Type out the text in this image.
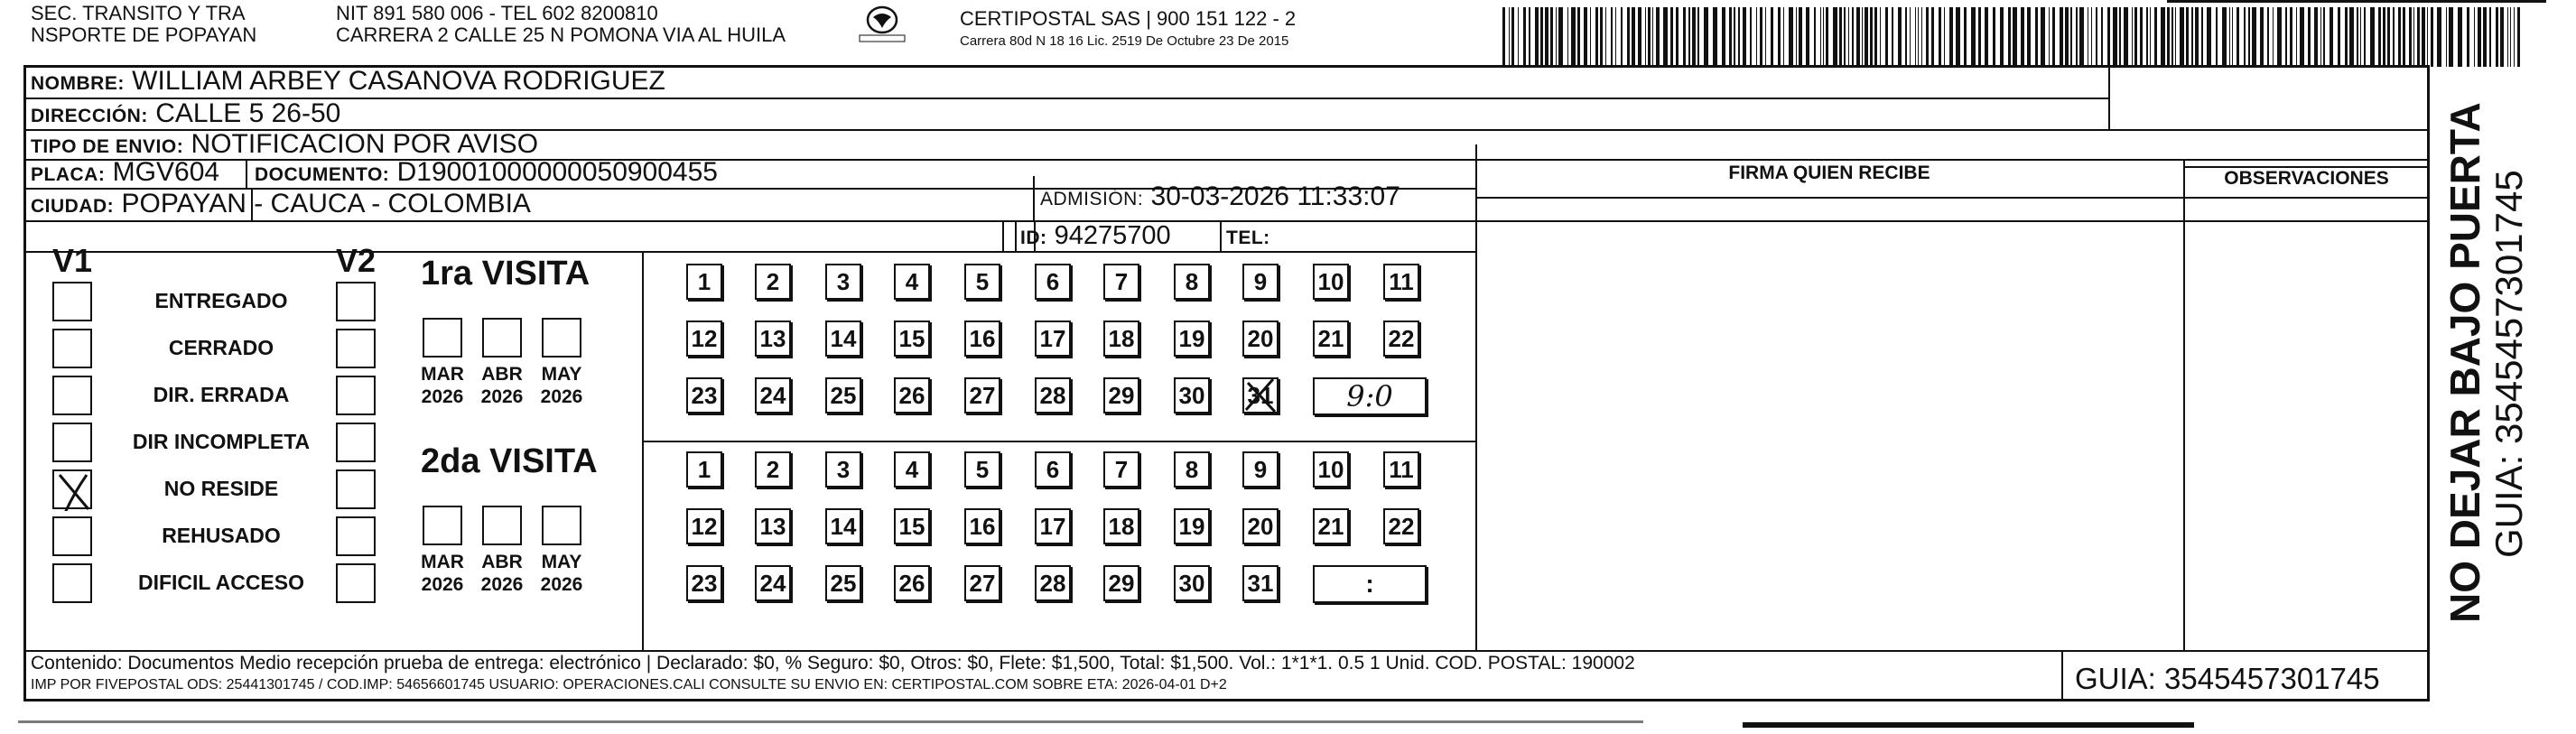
SEC. TRANSITO Y TRA
NSPORTE DE POPAYAN
NIT 891 580 006 - TEL 602 8200810
CARRERA 2 CALLE 25 N POMONA VIA AL HUILA
CERTIPOSTAL SAS | 900 151 122 - 2
Carrera 80d N 18 16 Lic. 2519 De Octubre 23 De 2015
NOMBRE: WILLIAM ARBEY CASANOVA RODRIGUEZ
DIRECCIÓN: CALLE 5 26-50
TIPO DE ENVIO: NOTIFICACION POR AVISO
PLACA: MGV604 DOCUMENTO: D19001000000050900455
ADMISIÓN: 30-03-2026 11:33:07
CIUDAD: POPAYAN - CAUCA - COLOMBIA
ID: 94275700	TEL:
FIRMA QUIEN RECIBE	OBSERVACIONES
V1	V2
ENTREGADO
CERRADO
DIR. ERRADA
DIR INCOMPLETA
NO RESIDE
REHUSADO
DIFICIL ACCESO
1ra VISITA
MAR
2026
ABR
2026
MAY
2026
1	2	3	4	5	6	7	8	9	10 11
12 13 14 15 16 17 18 19 20 21 22
23 24 25 26 27 28 29 30 31	9:0
2da VISITA
MAR
2026
ABR
2026
MAY
2026
1	2	3	4	5	6	7	8	9	10 11
12 13 14 15 16 17 18 19 20 21 22
23 24 25 26 27 28 29 30 31	:
Contenido: Documentos Medio recepción prueba de entrega: electrónico | Declarado: $0, % Seguro: $0, Otros: $0, Flete: $1,500, Total: $1,500. Vol.: 1*1*1. 0.5 1 Unid. COD. POSTAL: 190002
IMP POR FIVEPOSTAL ODS: 25441301745 / COD.IMP: 54656601745 USUARIO: OPERACIONES.CALI CONSULTE SU ENVIO EN: CERTIPOSTAL.COM SOBRE ETA: 2026-04-01 D+2	GUIA: 3545457301745
NO DEJAR BAJO PUERTA GUIA: 3545457301745
